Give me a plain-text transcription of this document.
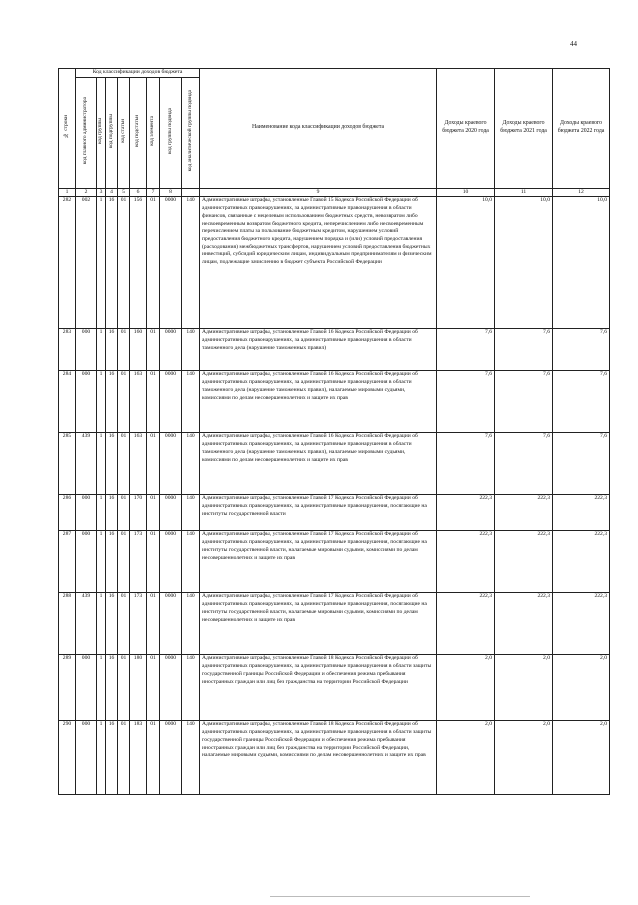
44
№ строки	Код классификации доходов бюджета								Наименование кода классификации доходов бюджета	Доходы краевого бюджета 2020 года	Доходы краевого бюджета 2021 года	Доходы краевого бюджета 2022 года
	код главного администратора	код группы	код подгруппы	код статьи	код подстатьи	код элемента	код группы подвида	код аналитической группы подвида				
1	2	3	4	5	6	7	8		9	10	11	12
282	002	1	16	01	156	01	0000	140	Административные штрафы, установленные Главой 15 Кодекса Российской Федерации об административных правонарушениях, за административные правонарушения в области финансов, связанные с нецелевым использованием бюджетных средств, невозвратом либо несвоевременным возвратом бюджетного кредита, неперечислением либо несвоевременным перечислением платы за пользование бюджетным кредитом, нарушением условий предоставления бюджетного кредита, нарушением порядка и (или) условий предоставления (расходования) межбюджетных трансфертов, нарушением условий предоставления бюджетных инвестиций, субсидий юридическим лицам, индивидуальным предпринимателям и физическим лицам, подлежащие зачислению в бюджет субъекта Российской Федерации	10,0	10,0	10,0
283	000	1	16	01	160	01	0000	140	Административные штрафы, установленные Главой 16 Кодекса Российской Федерации об административных правонарушениях, за административные правонарушения в области таможенного дела (нарушение таможенных правил)	7,6	7,6	7,6
284	000	1	16	01	163	01	0000	140	Административные штрафы, установленные Главой 16 Кодекса Российской Федерации об административных правонарушениях, за административные правонарушения в области таможенного дела (нарушение таможенных правил), налагаемые мировыми судьями, комиссиями по делам несовершеннолетних и защите их прав	7,6	7,6	7,6
285	439	1	16	01	163	01	0000	140	Административные штрафы, установленные Главой 16 Кодекса Российской Федерации об административных правонарушениях, за административные правонарушения в области таможенного дела (нарушение таможенных правил), налагаемые мировыми судьями, комиссиями по делам несовершеннолетних и защите их прав	7,6	7,6	7,6
286	000	1	16	01	170	01	0000	140	Административные штрафы, установленные Главой 17 Кодекса Российской Федерации об административных правонарушениях, за административные правонарушения, посягающие на институты государственной власти	222,3	222,3	222,3
287	000	1	16	01	173	01	0000	140	Административные штрафы, установленные Главой 17 Кодекса Российской Федерации об административных правонарушениях, за административные правонарушения, посягающие на институты государственной власти, налагаемые мировыми судьями, комиссиями по делам несовершеннолетних и защите их прав	222,3	222,3	222,3
288	439	1	16	01	173	01	0000	140	Административные штрафы, установленные Главой 17 Кодекса Российской Федерации об административных правонарушениях, за административные правонарушения, посягающие на институты государственной власти, налагаемые мировыми судьями, комиссиями по делам несовершеннолетних и защите их прав	222,3	222,3	222,3
289	000	1	16	01	180	01	0000	140	Административные штрафы, установленные Главой 18 Кодекса Российской Федерации об административных правонарушениях, за административные правонарушения в области защиты государственной границы Российской Федерации и обеспечения режима пребывания иностранных граждан или лиц без гражданства на территории Российской Федерации	2,0	2,0	2,0
290	000	1	16	01	183	01	0000	140	Административные штрафы, установленные Главой 18 Кодекса Российской Федерации об административных правонарушениях, за административные правонарушения в области защиты государственной границы Российской Федерации и обеспечения режима пребывания иностранных граждан или лиц без гражданства на территории Российской Федерации, налагаемые мировыми судьями, комиссиями по делам несовершеннолетних и защите их прав	2,0	2,0	2,0
